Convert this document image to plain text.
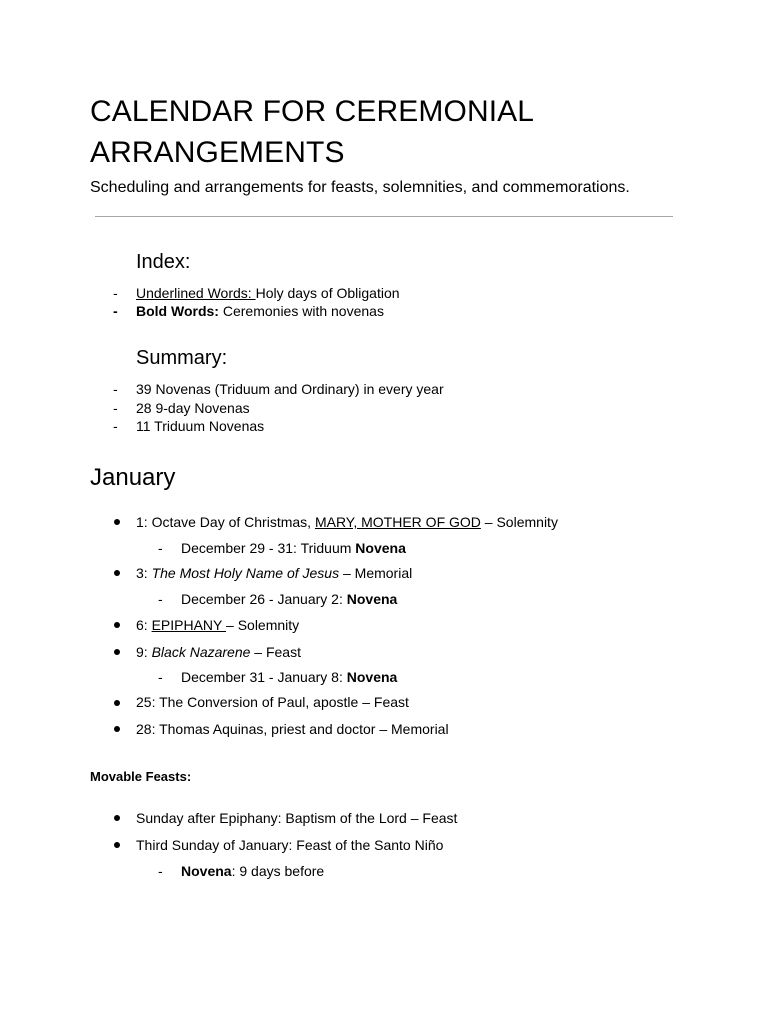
CALENDAR FOR CEREMONIAL ARRANGEMENTS

Scheduling and arrangements for feasts, solemnities, and commemorations.

Index:
- Underlined Words: Holy days of Obligation
- Bold Words: Ceremonies with novenas
Summary:
- 39 Novenas (Triduum and Ordinary) in every year
- 28 9-day Novenas
- 11 Triduum Novenas
January
1: Octave Day of Christmas, MARY, MOTHER OF GOD – Solemnity
- December 29 - 31: Triduum Novena
3: The Most Holy Name of Jesus – Memorial
- December 26 - January 2: Novena
6: EPIPHANY – Solemnity
9: Black Nazarene – Feast
- December 31 - January 8: Novena
25: The Conversion of Paul, apostle – Feast
28: Thomas Aquinas, priest and doctor – Memorial
Movable Feasts:
Sunday after Epiphany: Baptism of the Lord – Feast
Third Sunday of January: Feast of the Santo Niño
- Novena: 9 days before
